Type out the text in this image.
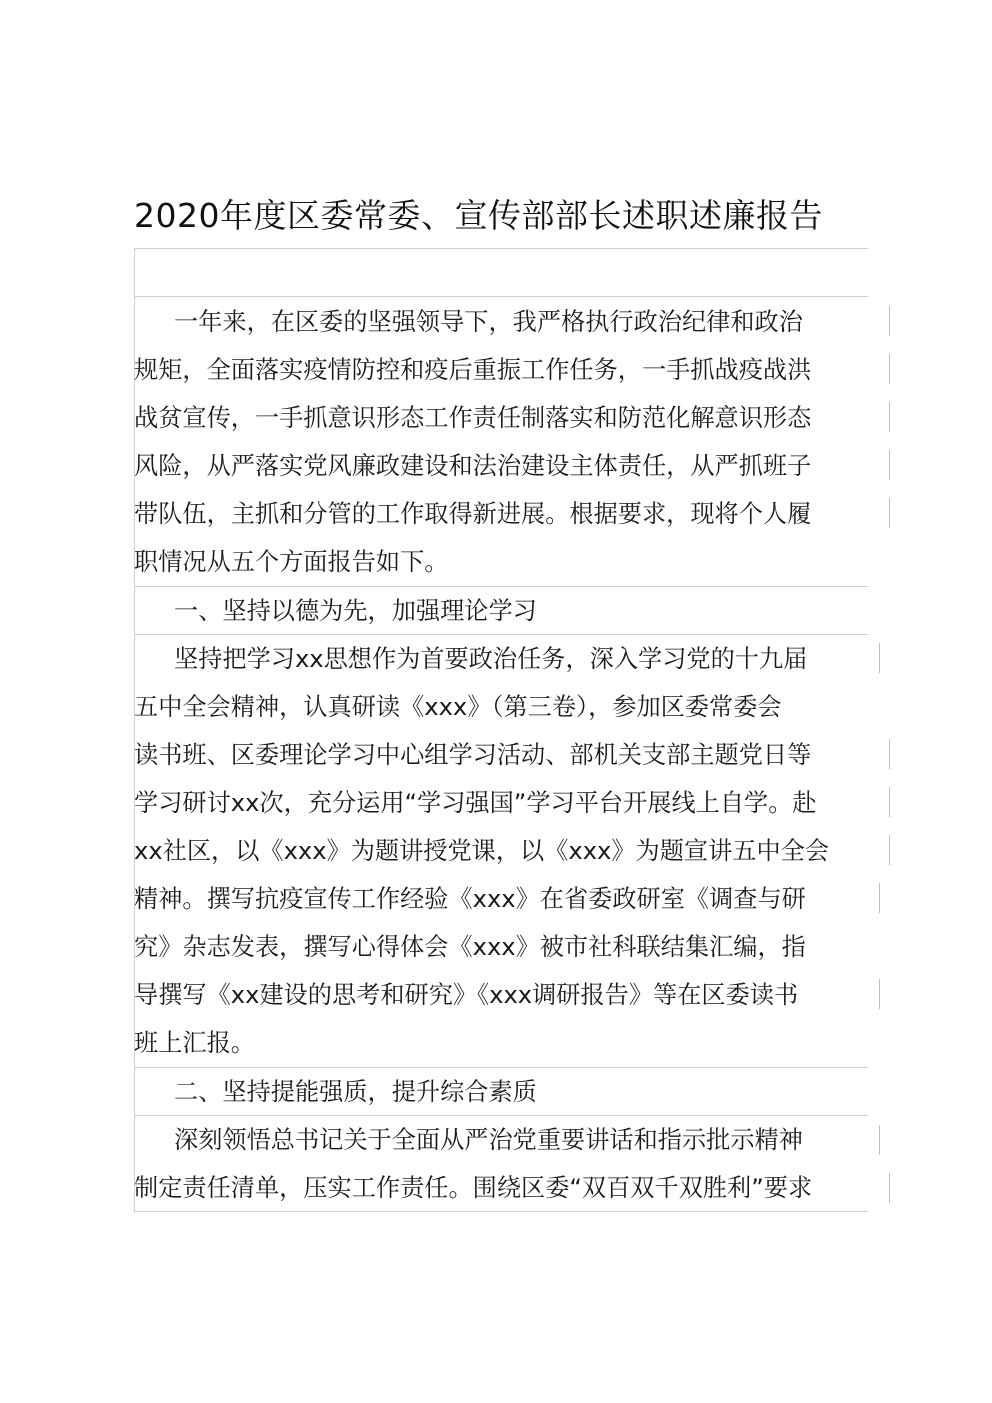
2020年度区委常委、宣传部部长述职述廉报告
一年来，在区委的坚强领导下，我严格执行政治纪律和政治
规矩，全面落实疫情防控和疫后重振工作任务，一手抓战疫战洪
战贫宣传，一手抓意识形态工作责任制落实和防范化解意识形态
风险，从严落实党风廉政建设和法治建设主体责任，从严抓班子
带队伍，主抓和分管的工作取得新进展。根据要求，现将个人履
职情况从五个方面报告如下。
一、坚持以德为先，加强理论学习
坚持把学习xx思想作为首要政治任务，深入学习党的十九届
五中全会精神，认真研读《xxx》（第三卷），参加区委常委会
读书班、区委理论学习中心组学习活动、部机关支部主题党日等
学习研讨xx次，充分运用“学习强国”学习平台开展线上自学。赴
xx社区，以《xxx》为题讲授党课，以《xxx》为题宣讲五中全会
精神。撰写抗疫宣传工作经验《xxx》在省委政研室《调查与研
究》杂志发表，撰写心得体会《xxx》被市社科联结集汇编，指
导撰写《xx建设的思考和研究》《xxx调研报告》等在区委读书
班上汇报。
二、坚持提能强质，提升综合素质
深刻领悟总书记关于全面从严治党重要讲话和指示批示精神
制定责任清单，压实工作责任。围绕区委“双百双千双胜利”要求
